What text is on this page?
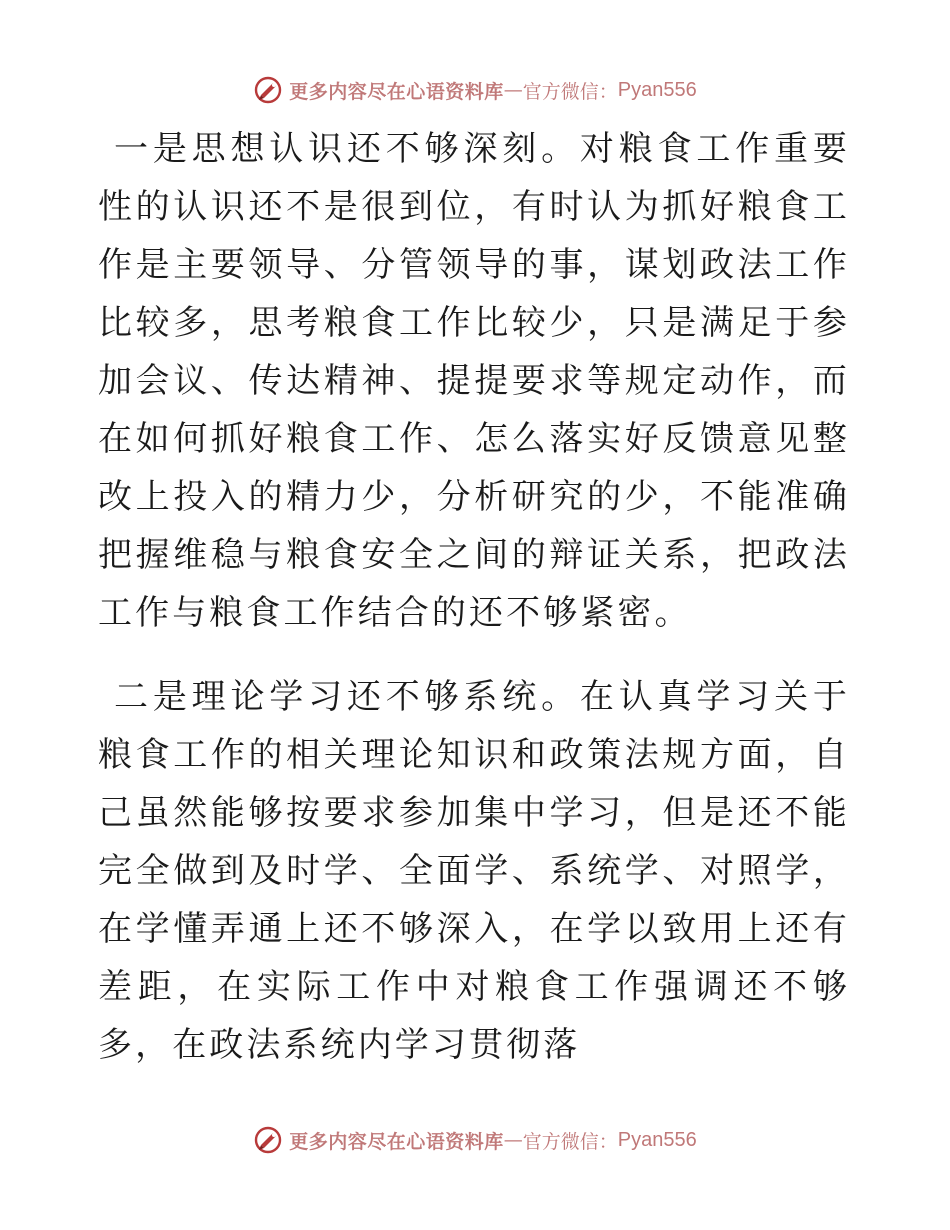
更多内容尽在心语资料库 — 官方微信： Pyan556

一是思想认识还不够深刻。对粮食工作重要性的认识还不是很到位，有时认为抓好粮食工作是主要领导、分管领导的事，谋划政法工作比较多，思考粮食工作比较少，只是满足于参加会议、传达精神、提提要求等规定动作，而在如何抓好粮食工作、怎么落实好反馈意见整改上投入的精力少，分析研究的少，不能准确把握维稳与粮食安全之间的辩证关系，把政法工作与粮食工作结合的还不够紧密。

二是理论学习还不够系统。在认真学习关于粮食工作的相关理论知识和政策法规方面，自己虽然能够按要求参加集中学习，但是还不能完全做到及时学、全面学、系统学、对照学，在学懂弄通上还不够深入，在学以致用上还有差距，在实际工作中对粮食工作强调还不够多，在政法系统内学习贯彻落

更多内容尽在心语资料库 — 官方微信： Pyan556
